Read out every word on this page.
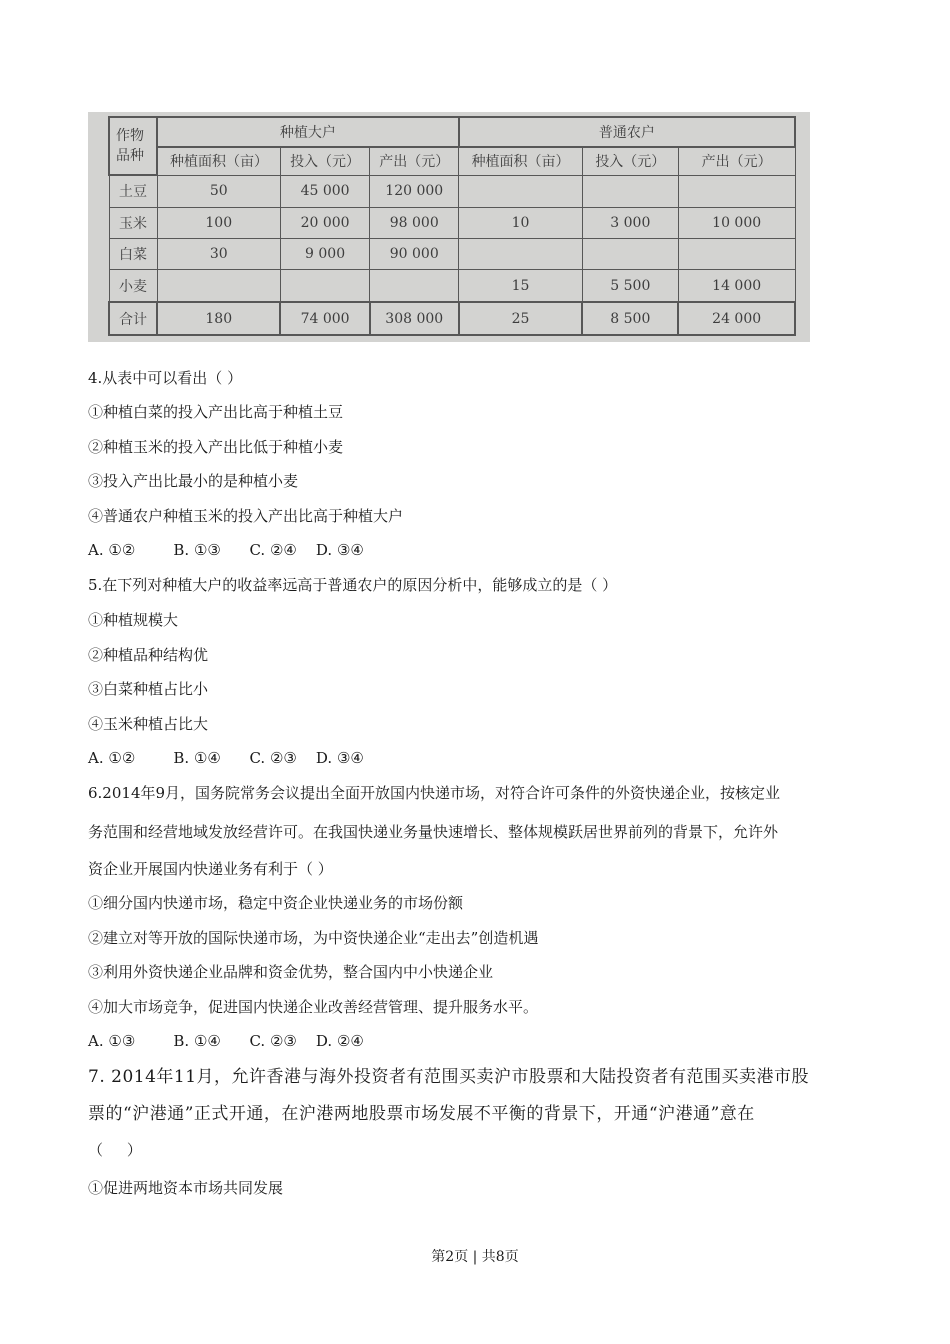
作物
品种	种植大户			普通农户		
	种植面积（亩）	投入（元）	产出（元）	种植面积（亩）	投入（元）	产出（元）
土豆	50	45 000	120 000			
玉米	100	20 000	98 000	10	3 000	10 000
白菜	30	9 000	90 000			
小麦				15	5 500	14 000
合计	180	74 000	308 000	25	8 500	24 000
4.从表中可以看出（ ）
①种植白菜的投入产出比高于种植土豆
②种植玉米的投入产出比低于种植小麦
③投入产出比最小的是种植小麦
④普通农户种植玉米的投入产出比高于种植大户
A. ①②        B. ①③      C. ②④    D. ③④
5.在下列对种植大户的收益率远高于普通农户的原因分析中，能够成立的是（ ）
①种植规模大
②种植品种结构优
③白菜种植占比小
④玉米种植占比大
A. ①②        B. ①④      C. ②③    D. ③④
6.2014年9月，国务院常务会议提出全面开放国内快递市场，对符合许可条件的外资快递企业，按核定业
务范围和经营地域发放经营许可。在我国快递业务量快速增长、整体规模跃居世界前列的背景下，允许外
资企业开展国内快递业务有利于（ ）
①细分国内快递市场，稳定中资企业快递业务的市场份额
②建立对等开放的国际快递市场，为中资快递企业“走出去”创造机遇
③利用外资快递企业品牌和资金优势，整合国内中小快递企业
④加大市场竞争，促进国内快递企业改善经营管理、提升服务水平。
A. ①③        B. ①④      C. ②③    D. ②④
7. 2014年11月，允许香港与海外投资者有范围买卖沪市股票和大陆投资者有范围买卖港市股
票的“沪港通”正式开通，在沪港两地股票市场发展不平衡的背景下，开通“沪港通”意在
（     ）
①促进两地资本市场共同发展
第2页 | 共8页
